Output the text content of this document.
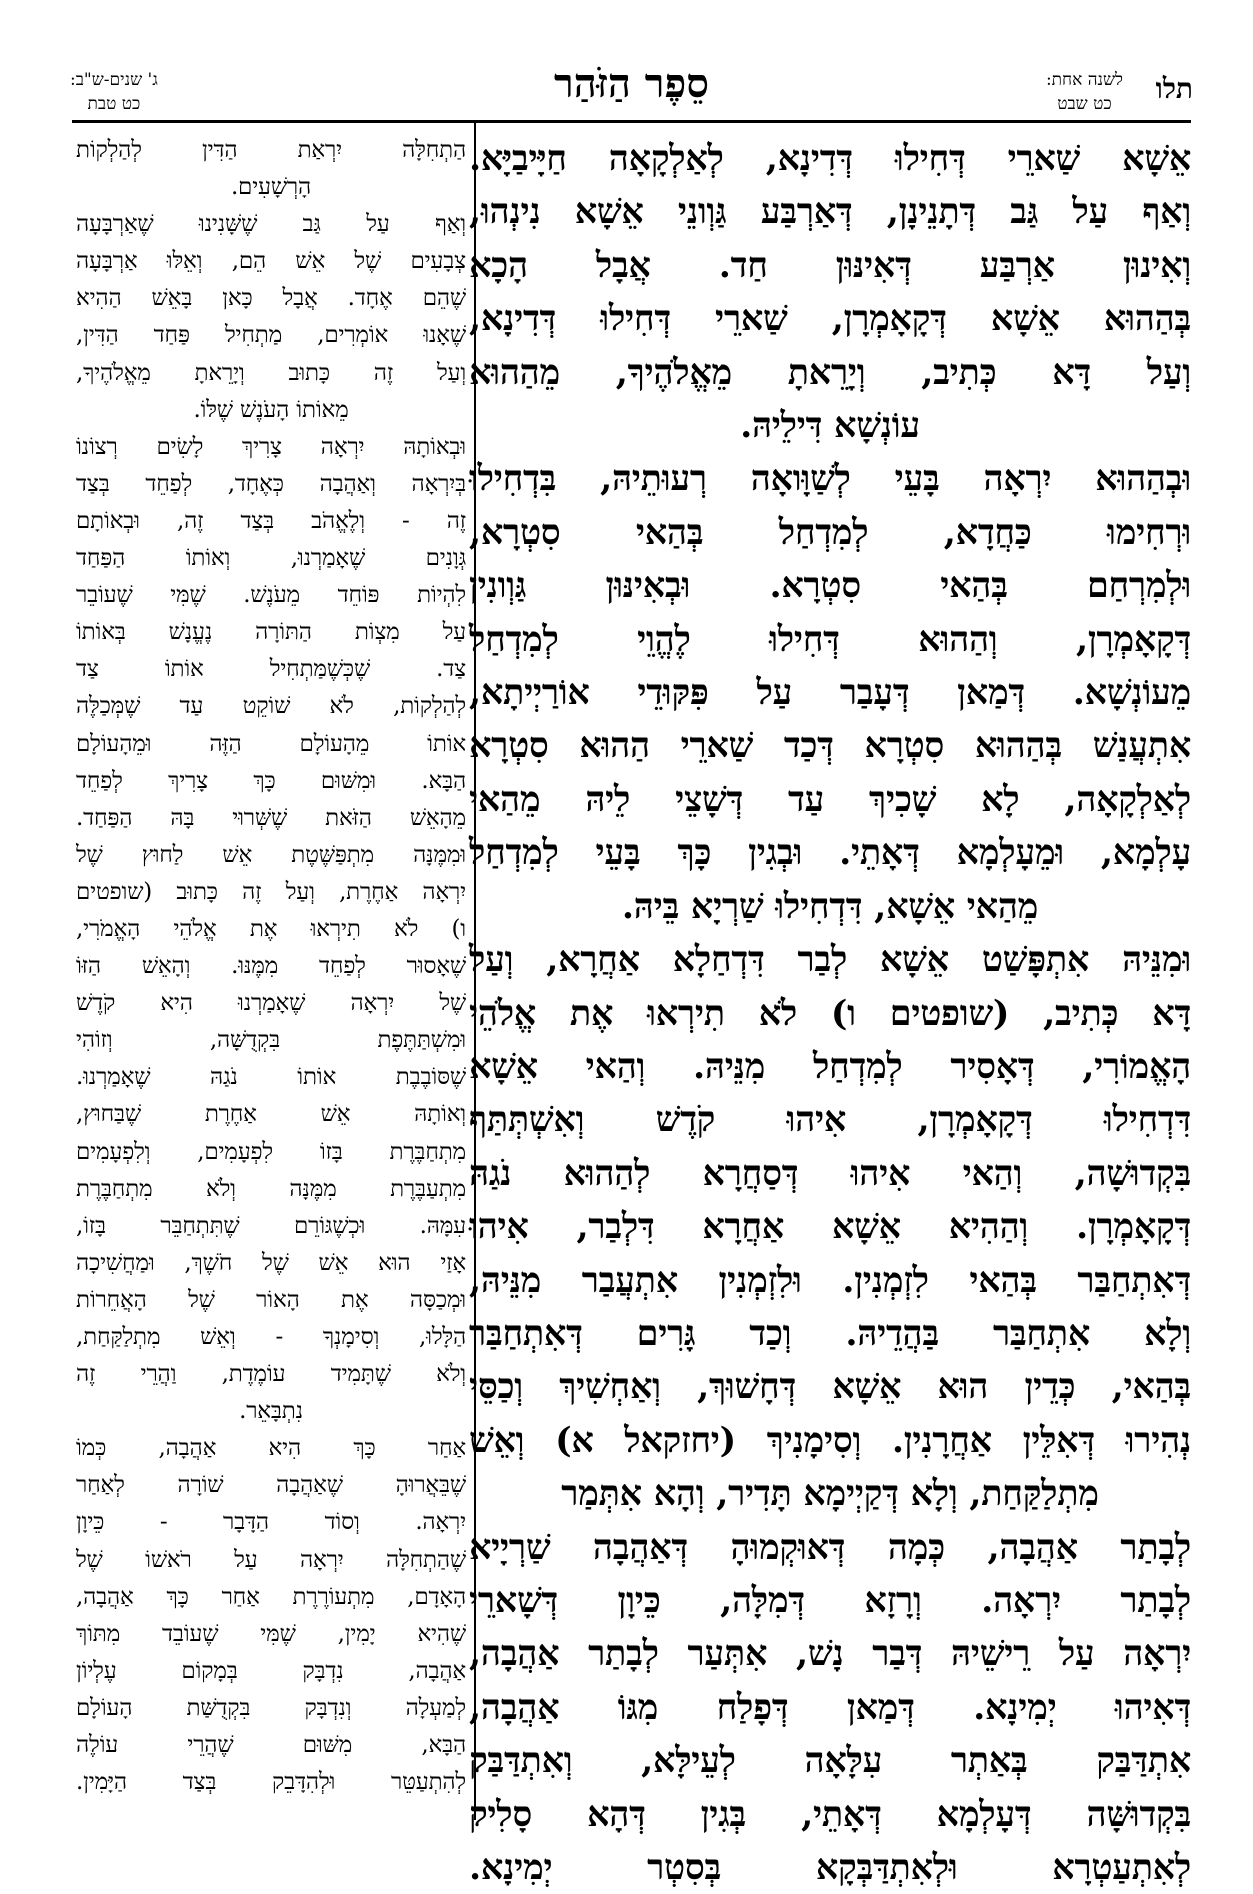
תלו
לשנה אחת:
כט שבט
סֵפֶר הַזֹּהַר
ג' שנים-ש"ב:
כט טבת
אֵשָׁא שַׁארֵי דְּחִילוּ דְּדִינָא, לְאַלְקָאָה חַיָּיבַיָּא.
וְאַף עַל גַּב דְּתָנֵינָן, דְּאַרְבַּע גַּוְונֵי אֵשָׁא נִינְהוּ,
וְאִינוּן אַרְבַּע דְּאִינּוּן חַד. אֲבָל הָכָא
בְּהַהוּא אֵשָׁא דְּקָאָמְרָן, שַׁארֵי דְּחִילוּ דְּדִינָא,
וְעַל דָּא כְּתִיב, וְיָרֵאתָ מֵאֱלֹהֶיךָ, מֵהַהוּא
עוֹנְשָׁא דִּילֵיהּ.
וּבְהַהוּא יִרְאָה בָּעֵי לְשַׁוָּואָה רְעוּתֵיהּ, בִּדְחִילוּ
וּרְחִימוּ כַּחֲדָא, לְמִדְחַל בְּהַאי סִטְרָא,
וּלְמִרְחַם בְּהַאי סִטְרָא. וּבְאִינּוּן גַּוְונִין
דְּקָאָמְרָן, וְהַהוּא דְּחִילוּ לֶהֱוֵי לְמִדְחַל
מֵעוֹנְשָׁא. דְּמַאן דְּעָבַר עַל פִּקּוּדֵי אוֹרַיְיתָא,
אִתְעֲנַשׁ בְּהַהוּא סִטְרָא דְּכַד שַׁארֵי הַהוּא סִטְרָא
לְאַלְקָאָה, לָא שָׁכִיךְ עַד דְּשָׁצֵי לֵיהּ מֵהַאי
עָלְמָא, וּמֵעָלְמָא דְּאָתֵי. וּבְגִין כָּךְ בָּעֵי לְמִדְחַל
מֵהַאי אֵשָׁא, דִּדְחִילוּ שַׁרְיָא בֵּיהּ.
וּמִנֵּיהּ אִתְפָּשַׁט אֵשָׁא לְבַר דִּדְחַלָא אַחֲרָא, וְעַל
דָּא כְּתִיב, (שופטים ו) לֹא תִירְאוּ אֶת אֱלֹהֵי
הָאֱמוֹרִי, דְּאָסִיר לְמִדְחַל מִנֵּיהּ. וְהַאי אֵשָׁא
דִּדְחִילוּ דְּקָאָמְרָן, אִיהוּ קֹדֶשׁ וְאִשְׁתְּתַּף
בִּקְדוּשָׁה, וְהַאי אִיהוּ דְּסַחֲרָא לְהַהוּא נֹגַהּ
דְּקָאָמְרָן. וְהַהִיא אֵשָׁא אַחֲרָא דִּלְבַר, אִיהוּ
דְּאִתְחַבַּר בְּהַאי לִזְמְנִין. וּלִזְמְנִין אִתְעֲבַר מִנֵּיהּ,
וְלָא אִתְחַבַּר בַּהֲדֵיהּ. וְכַד גָּרִים דְּאִתְחַבַּר
בְּהַאי, כְּדֵין הוּא אֵשָׁא דְּחָשׁוּךְ, וְאַחְשִׁיךְ וְכַסֵּי
נְהִירוּ דְּאִלֵּין אַחֲרָנִין. וְסִימָנִיךְ (יחזקאל א) וְאֵשׁ
מִתְלַקַּחַת, וְלָא דְּקַיְימָא תָּדִיר, וְהָא אִתְּמַר
לְבָתַר אַהֲבָה, כְּמָה דְּאוּקְמוּהָ דְּאַהֲבָה שַׁרְיָיא
לְבָתַר יִרְאָה. וְרָזָא דְּמִלָּה, כֵּיוָן דְּשָׁארֵי
יִרְאָה עַל רֵישֵׁיהּ דְּבַר נָשׁ, אִתְּעַר לְבָתַר אַהֲבָה,
דְּאִיהוּ יְמִינָא. דְּמַאן דְּפָלַח מִגּוֹ אַהֲבָה,
אִתְדַּבַּק בְּאַתְר עִלָּאָה לְעֵילָּא, וְאִתְדַּבַּק
בִּקְדוּשָּׁה דְּעָלְמָא דְּאָתֵי, בְּגִין דְּהָא סָלִיק
לְאִתְעַטְרָא וּלְאִתְדַּבְּקָא בְּסִטְר יְמִינָא.
הַתְחִלָּה יִרְאַת הַדִּין לְהַלְקוֹת
הָרְשָׁעִים.
וְאַף עַל גַּב שֶׁשָּׁנִינוּ שֶׁאַרְבָּעָה
צְבָעִים שֶׁל אֵשׁ הֵם, וְאֵלּוּ אַרְבָּעָה
שֶׁהֵם אֶחָד. אֲבָל כָּאן בָּאֵשׁ הַהִיא
שֶׁאָנוּ אוֹמְרִים, מַתְחִיל פַּחַד הַדִּין,
וְעַל זֶה כָּתוּב וְיָרֵאתָ מֵאֱלֹהֶיךָ,
מֵאוֹתוֹ הָעֹנֶשׁ שֶׁלּוֹ.
וּבְאוֹתָהּ יִרְאָה צָרִיךְ לָשִׂים רְצוֹנוֹ
בְּיִרְאָה וְאַהֲבָה כְּאֶחָד, לְפַחֵד בְּצַד
זֶה - וְלֶאֱהֹב בְּצַד זֶה, וּבְאוֹתָם
גְּוָנִים שֶׁאָמַרְנוּ, וְאוֹתוֹ הַפַּחַד
לִהְיוֹת פּוֹחֵד מֵעֹנֶשׁ. שֶׁמִּי שֶׁעוֹבֵר
עַל מִצְוֹת הַתּוֹרָה נֶעֱנָשׁ בְּאוֹתוֹ
צַד. שֶׁכְּשֶׁמַּתְחִיל אוֹתוֹ צַד
לְהַלְקוֹת, לֹא שׁוֹקֵט עַד שֶׁמְּכַלֶּה
אוֹתוֹ מֵהָעוֹלָם הַזֶּה וּמֵהָעוֹלָם
הַבָּא. וּמִשּׁוּם כָּךְ צָרִיךְ לְפַחֵד
מֵהָאֵשׁ הַזֹּאת שֶׁשְּׁרוּי בָּהּ הַפַּחַד.
וּמִמֶּנָּה מִתְפַּשֶּׁטֶת אֵשׁ לַחוּץ שֶׁל
יִרְאָה אַחֶרֶת, וְעַל זֶה כָּתוּב (שופטים
ו) לֹא תִירְאוּ אֶת אֱלֹהֵי הָאֱמֹרִי,
שֶׁאָסוּר לְפַחֵד מִמֶּנּוּ. וְהָאֵשׁ הַזּוֹ
שֶׁל יִרְאָה שֶׁאָמַרְנוּ הִיא קֹדֶשׁ
וּמִשְׁתַּתֶּפֶת בִּקְדֻשָּׁה, וְזוֹהִי
שֶׁסּוֹבֶבֶת אוֹתוֹ נֹגַהּ שֶׁאָמַרְנוּ.
וְאוֹתָהּ אֵשׁ אַחֶרֶת שֶׁבַּחוּץ,
מִתְחַבֶּרֶת בָּזוֹ לִפְעָמִים, וְלִפְעָמִים
מִתְעַבֶּרֶת מִמֶּנָּה וְלֹא מִתְחַבֶּרֶת
עִמָּהּ. וּכְשֶׁגּוֹרֵם שֶׁתִּתְחַבֵּר בָּזוֹ,
אָזַי הוּא אֵשׁ שֶׁל חֹשֶׁךְ, וּמַחֲשִׁיכָה
וּמְכַסָּה אֶת הָאוֹר שֶׁל הָאֲחֵרוֹת
הַלָּלוּ, וְסִימָנְךָ - וְאֵשׁ מִתְלַקַּחַת,
וְלֹא שֶׁתָּמִיד עוֹמֶדֶת, וַהֲרֵי זֶה
נִתְבָּאֵר.
אַחַר כָּךְ הִיא אַהֲבָה, כְּמוֹ
שֶׁבֵּאֲרוּהָ שֶׁאַהֲבָה שׁוֹרָה לְאַחַר
יִרְאָה. וְסוֹד הַדָּבָר - כֵּיוָן
שֶׁהַתְחִלָּה יִרְאָה עַל רֹאשׁוֹ שֶׁל
הָאָדָם, מִתְעוֹרֶרֶת אַחַר כָּךְ אַהֲבָה,
שֶׁהִיא יָמִין, שֶׁמִּי שֶׁעוֹבֵד מִתּוֹךְ
אַהֲבָה, נִדְבָּק בְּמָקוֹם עֶלְיוֹן
לְמַעְלָה וְנִדְבָּק בִּקְדֻשַּׁת הָעוֹלָם
הַבָּא, מִשּׁוּם שֶׁהֲרֵי עוֹלֶה
לְהִתְעַטֵּר וּלְהִדָּבֵק בְּצַד הַיָּמִין.
